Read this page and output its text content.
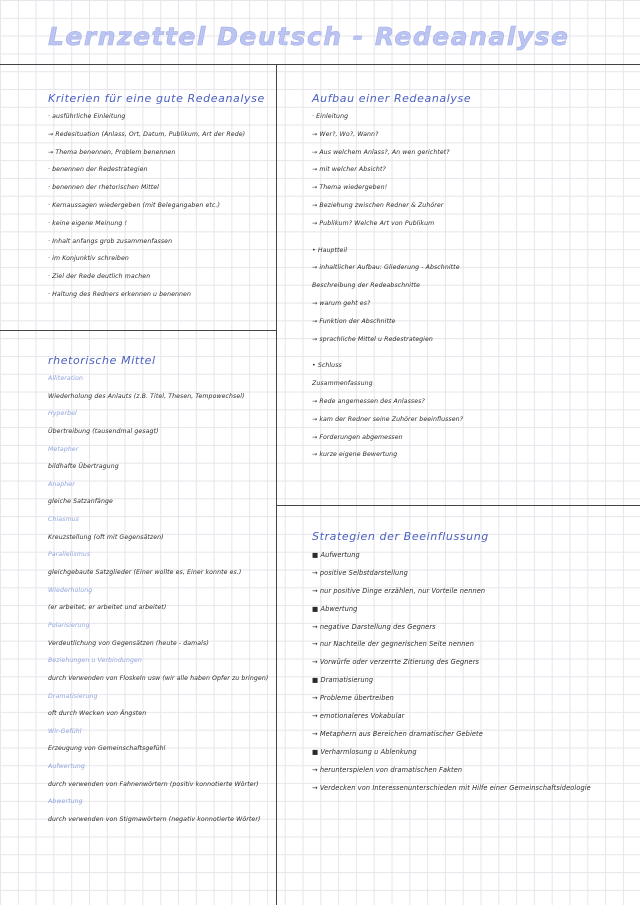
Lernzettel Deutsch - Redeanalyse
Kriterien für eine gute Redeanalyse
· ausführliche Einleitung
→ Redesituation (Anlass, Ort, Datum, Publikum, Art der Rede)
→ Thema benennen, Problem benennen
· benennen der Redestrategien
· benennen der rhetorischen Mittel
· Kernaussagen wiedergeben (mit Belegangaben etc.)
· keine eigene Meinung !
· Inhalt anfangs grob zusammenfassen
· im Konjunktiv schreiben
· Ziel der Rede deutlich machen
· Haltung des Redners erkennen u benennen
Aufbau einer Redeanalyse
· Einleitung
→ Wer?, Wo?, Wann?
→ Aus welchem Anlass?, An wen gerichtet?
→ mit welcher Absicht?
→ Thema wiedergeben!
→ Beziehung zwischen Redner & Zuhörer
→ Publikum? Welche Art von Publikum
• Hauptteil
→ inhaltlicher Aufbau: Gliederung - Abschnitte
Beschreibung der Redeabschnitte
→ warum geht es?
→ Funktion der Abschnitte
→ sprachliche Mittel u Redestrategien
• Schluss
Zusammenfassung
→ Rede angemessen des Anlasses?
→ kam der Redner seine Zuhörer beeinflussen?
→ Forderungen abgemessen
→ kurze eigene Bewertung
rhetorische Mittel
Alliteration
Wiederholung des Anlauts (z.B. Titel, Thesen, Tempowechsel)
Hyperbel
Übertreibung (tausendmal gesagt)
Metapher
bildhafte Übertragung
Anapher
gleiche Satzanfänge
Chiasmus
Kreuzstellung (oft mit Gegensätzen)
Parallelismus
gleichgebaute Satzglieder (Einer wollte es, Einer konnte es.)
Wiederholung
(er arbeitet, er arbeitet und arbeitet)
Polarisierung
Verdeutlichung von Gegensätzen (heute - damals)
Beziehungen u Verbindungen
durch Verwenden von Floskeln usw (wir alle haben Opfer zu bringen)
Dramatisierung
oft durch Wecken von Ängsten
Wir-Gefühl
Erzeugung von Gemeinschaftsgefühl
Aufwertung
durch verwenden von Fahnenwörtern (positiv konnotierte Wörter)
Abwertung
durch verwenden von Stigmawörtern (negativ konnotierte Wörter)
Strategien der Beeinflussung
■ Aufwertung
→ positive Selbstdarstellung
→ nur positive Dinge erzählen, nur Vorteile nennen
■ Abwertung
→ negative Darstellung des Gegners
→ nur Nachteile der gegnerischen Seite nennen
→ Vorwürfe oder verzerrte Zitierung des Gegners
■ Dramatisierung
→ Probleme übertreiben
→ emotionaleres Vokabular
→ Metaphern aus Bereichen dramatischer Gebiete
■ Verharmlosung u Ablenkung
→ herunterspielen von dramatischen Fakten
→ Verdecken von Interessenunterschieden mit Hilfe einer Gemeinschaftsideologie
